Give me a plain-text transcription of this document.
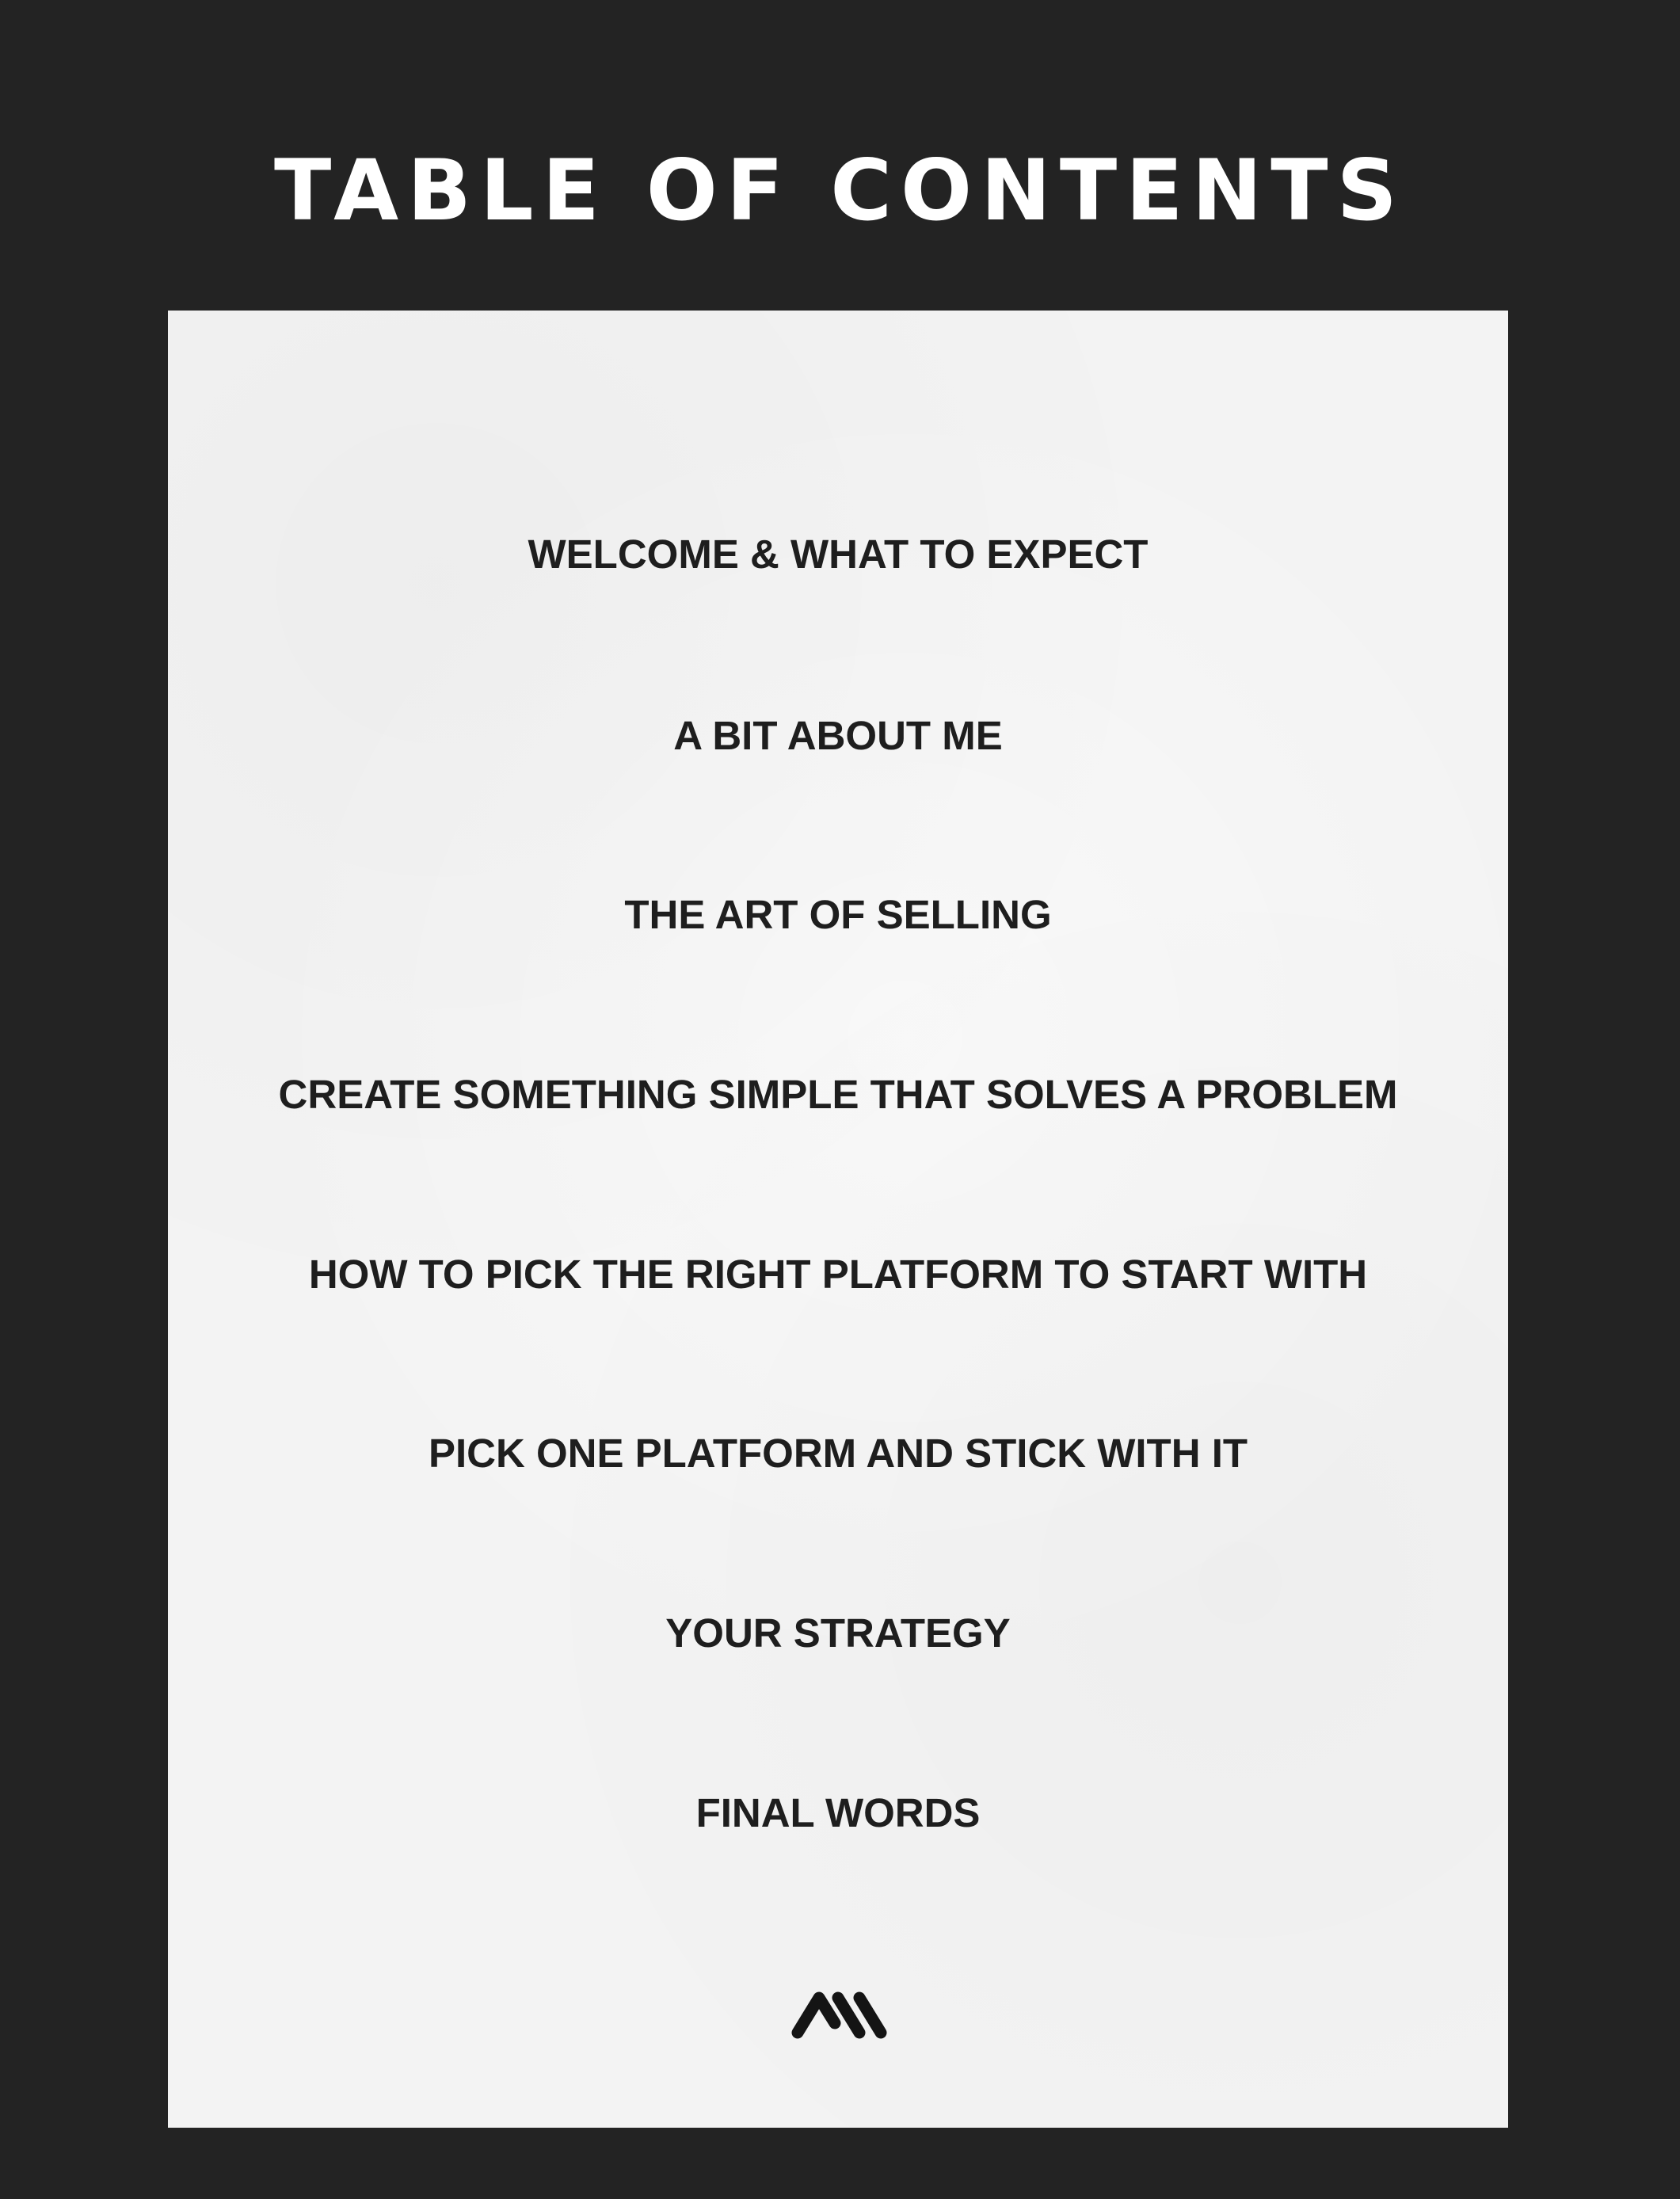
TABLE OF CONTENTS
WELCOME & WHAT TO EXPECT
A BIT ABOUT ME
THE ART OF SELLING
CREATE SOMETHING SIMPLE THAT SOLVES A PROBLEM
HOW TO PICK THE RIGHT PLATFORM TO START WITH
PICK ONE PLATFORM AND STICK WITH IT
YOUR STRATEGY
FINAL WORDS
